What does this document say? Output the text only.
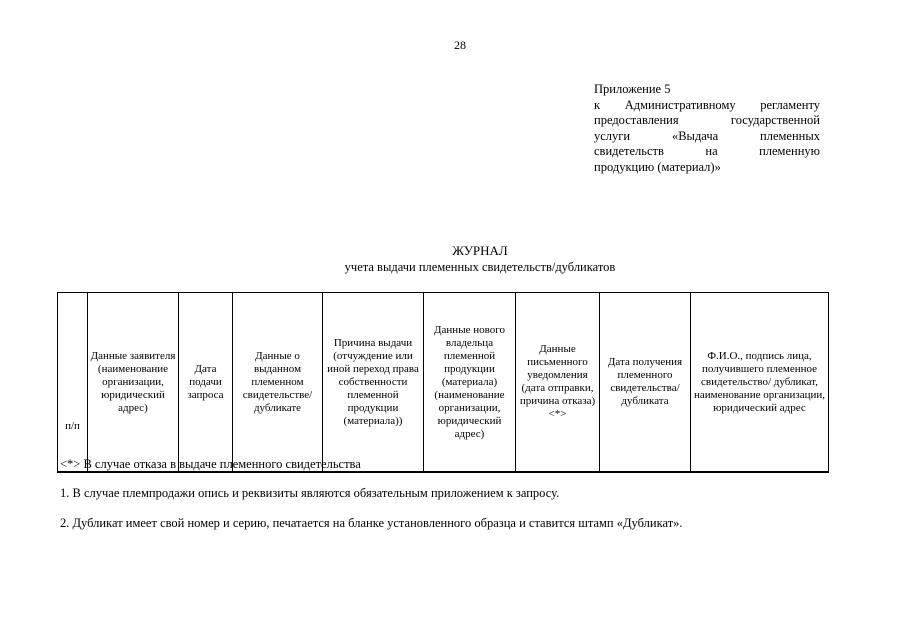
28
Приложение 5
к Административному регламенту
предоставления государственной
услуги «Выдача племенных
свидетельств на племенную
продукцию (материал)»
ЖУРНАЛ
учета выдачи племенных свидетельств/дубликатов
п/п	Данные заявителя (наименование организации, юридический адрес)	Дата подачи запроса	Данные о выданном племенном свидетельстве/ дубликате	Причина выдачи (отчуждение или иной переход права собственности племенной продукции (материала))	Данные нового владельца племенной продукции (материала) (наименование организации, юридический адрес)	Данные письменного уведомления (дата отправки, причина отказа) <*>	Дата получения племенного свидетельства/ дубликата	Ф.И.О., подпись лица, получившего племенное свидетельство/ дубликат, наименование организации, юридический адрес

<*> В случае отказа в выдаче племенного свидетельства

1. В случае племпродажи опись и реквизиты являются обязательным приложением к запросу.

2. Дубликат имеет свой номер и серию, печатается на бланке установленного образца и ставится штамп «Дубликат».
